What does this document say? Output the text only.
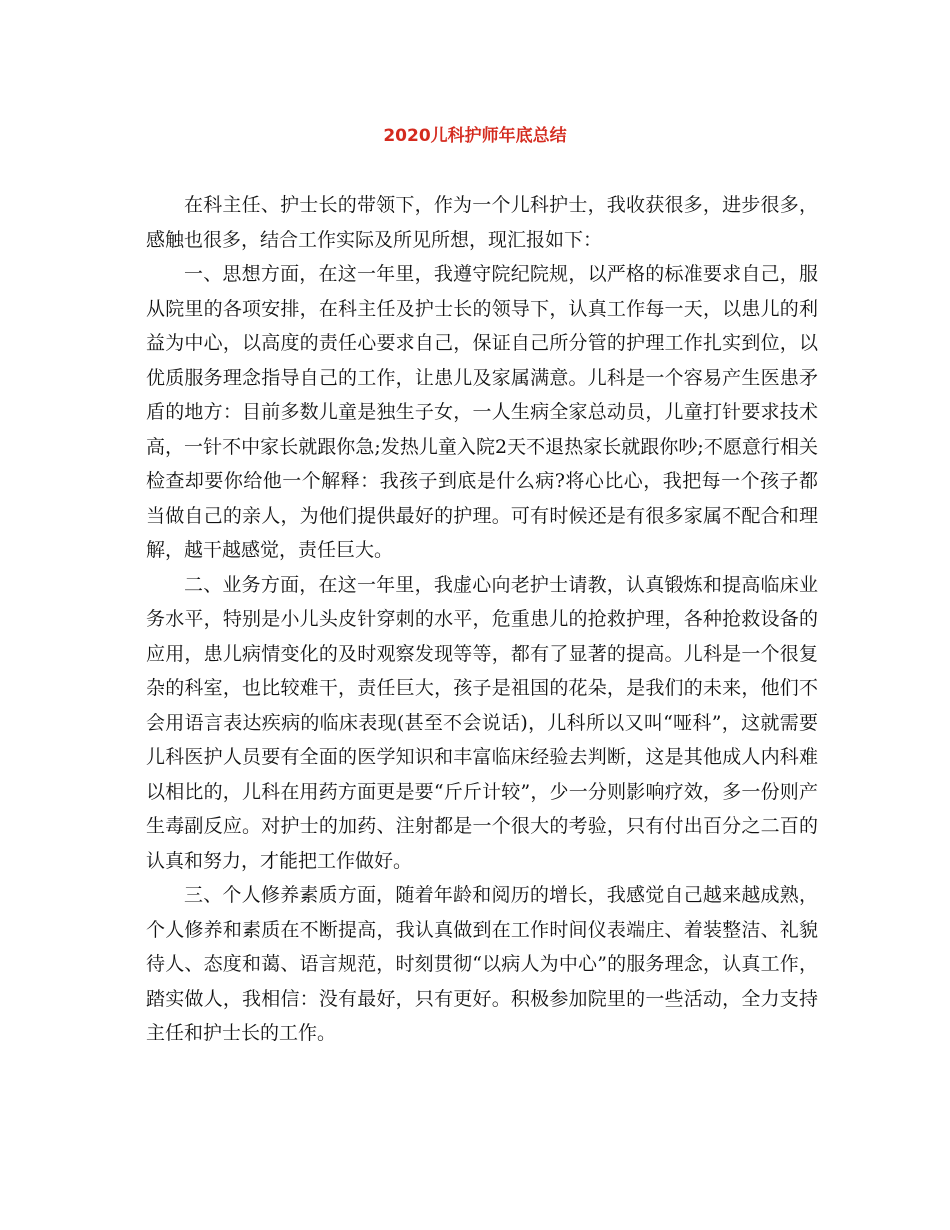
2020儿科护师年底总结

在科主任、护士长的带领下，作为一个儿科护士，我收获很多，进步很多，感触也很多，结合工作实际及所见所想，现汇报如下：

一、思想方面，在这一年里，我遵守院纪院规，以严格的标准要求自己，服从院里的各项安排，在科主任及护士长的领导下，认真工作每一天，以患儿的利益为中心，以高度的责任心要求自己，保证自己所分管的护理工作扎实到位，以优质服务理念指导自己的工作，让患儿及家属满意。儿科是一个容易产生医患矛盾的地方：目前多数儿童是独生子女，一人生病全家总动员，儿童打针要求技术高，一针不中家长就跟你急;发热儿童入院2天不退热家长就跟你吵;不愿意行相关检查却要你给他一个解释：我孩子到底是什么病?将心比心，我把每一个孩子都当做自己的亲人，为他们提供最好的护理。可有时候还是有很多家属不配合和理解，越干越感觉，责任巨大。

二、业务方面，在这一年里，我虚心向老护士请教，认真锻炼和提高临床业务水平，特别是小儿头皮针穿刺的水平，危重患儿的抢救护理，各种抢救设备的应用，患儿病情变化的及时观察发现等等，都有了显著的提高。儿科是一个很复杂的科室，也比较难干，责任巨大，孩子是祖国的花朵，是我们的未来，他们不会用语言表达疾病的临床表现(甚至不会说话)，儿科所以又叫“哑科”，这就需要儿科医护人员要有全面的医学知识和丰富临床经验去判断，这是其他成人内科难以相比的，儿科在用药方面更是要“斤斤计较”，少一分则影响疗效，多一份则产生毒副反应。对护士的加药、注射都是一个很大的考验，只有付出百分之二百的认真和努力，才能把工作做好。

三、个人修养素质方面，随着年龄和阅历的增长，我感觉自己越来越成熟，个人修养和素质在不断提高，我认真做到在工作时间仪表端庄、着装整洁、礼貌待人、态度和蔼、语言规范，时刻贯彻“以病人为中心”的服务理念，认真工作，踏实做人，我相信：没有最好，只有更好。积极参加院里的一些活动，全力支持主任和护士长的工作。
